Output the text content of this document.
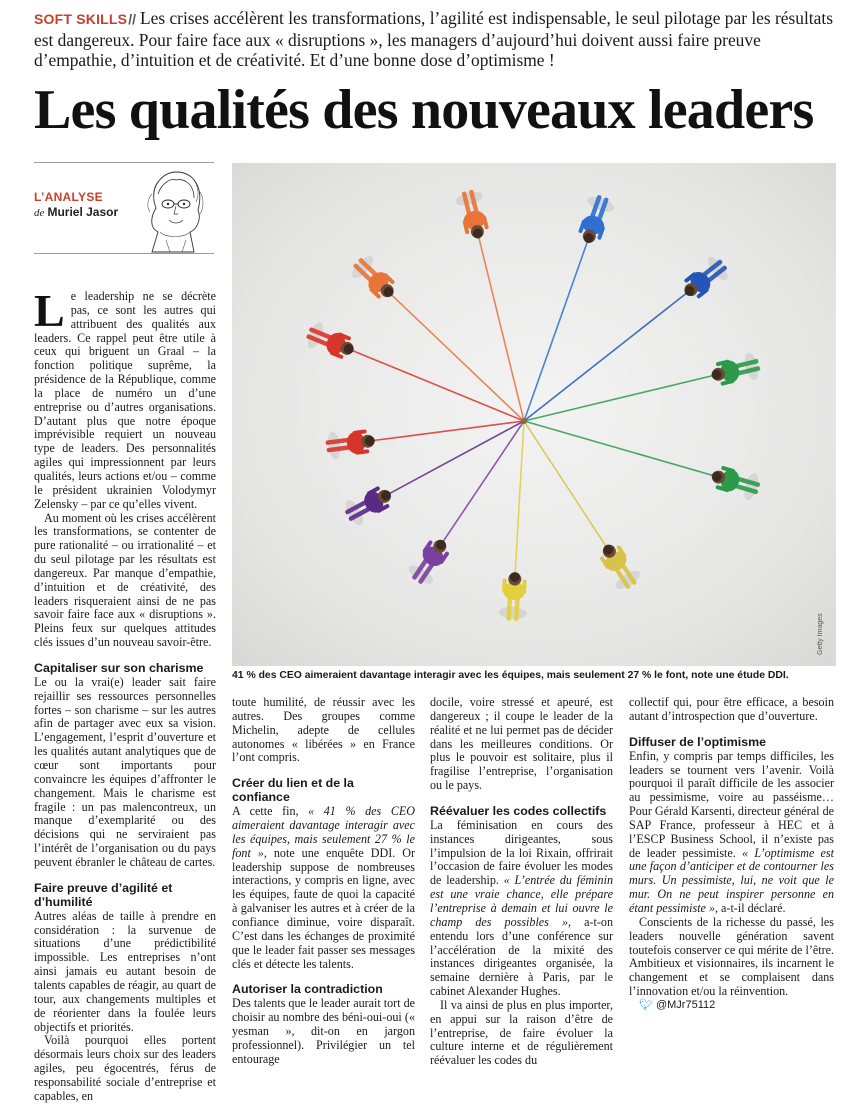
SOFT SKILLS// Les crises accélèrent les transformations, l’agilité est indispensable, le seul pilotage par les résultats est dangereux. Pour faire face aux « disruptions », les managers d’aujourd’hui doivent aussi faire preuve d’empathie, d’intuition et de créativité. Et d’une bonne dose d’optimisme !
Les qualités des nouveaux leaders
L’ANALYSE
de Muriel Jasor
Getty Images
41 % des CEO aimeraient davantage interagir avec les équipes, mais seulement 27 % le font, note une étude DDI.

Le leadership ne se décrète pas, ce sont les autres qui attribuent des qualités aux leaders. Ce rappel peut être utile à ceux qui briguent un Graal – la fonction politique suprême, la présidence de la République, comme la place de numéro un d’une entreprise ou d’autres organisations. D’autant plus que notre époque imprévisible requiert un nouveau type de leaders. Des personnalités agiles qui impressionnent par leurs qualités, leurs actions et/ou – comme le président ukrainien Volodymyr Zelensky – par ce qu’elles vivent.

Au moment où les crises accélèrent les transformations, se contenter de pure rationalité – ou irrationalité – et du seul pilotage par les résultats est dangereux. Par manque d’empathie, d’intuition et de créativité, des leaders risqueraient ainsi de ne pas savoir faire face aux « disruptions ». Pleins feux sur quelques attitudes clés issues d’un nouveau savoir-être.

Capitaliser sur son charisme

Le ou la vrai(e) leader sait faire rejaillir ses ressources personnelles fortes – son charisme – sur les autres afin de partager avec eux sa vision. L’engagement, l’esprit d’ouverture et les qualités autant analytiques que de cœur sont importants pour convaincre les équipes d’affronter le changement. Mais le charisme est fragile : un pas malencontreux, un manque d’exemplarité ou des décisions qui ne serviraient pas l’intérêt de l’organisation ou du pays peuvent ébranler le château de cartes.

Faire preuve d’agilité et d’humilité

Autres aléas de taille à prendre en considération : la survenue de situations d’une prédictibilité impossible. Les entreprises n’ont ainsi jamais eu autant besoin de talents capables de réagir, au quart de tour, aux changements multiples et de réorienter dans la foulée leurs objectifs et priorités.

Voilà pourquoi elles portent désormais leurs choix sur des leaders agiles, peu égocentrés, férus de responsabilité sociale d’entreprise et capables, en

toute humilité, de réussir avec les autres. Des groupes comme Michelin, adepte de cellules autonomes « libérées » en France l’ont compris.

Créer du lien et de la confiance

A cette fin, « 41 % des CEO aimeraient davantage interagir avec les équipes, mais seulement 27 % le font », note une enquête DDI. Or leadership suppose de nombreuses interactions, y compris en ligne, avec les équipes, faute de quoi la capacité à galvaniser les autres et à créer de la confiance diminue, voire disparaît. C’est dans les échanges de proximité que le leader fait passer ses messages clés et détecte les talents.

Autoriser la contradiction

Des talents que le leader aurait tort de choisir au nombre des béni-oui-oui (« yesman », dit-on en jargon professionnel). Privilégier un tel entourage

docile, voire stressé et apeuré, est dangereux ; il coupe le leader de la réalité et ne lui permet pas de décider dans les meilleures conditions. Or plus le pouvoir est solitaire, plus il fragilise l’entreprise, l’organisation ou le pays.

Réévaluer les codes collectifs

La féminisation en cours des instances dirigeantes, sous l’impulsion de la loi Rixain, offrirait l’occasion de faire évoluer les modes de leadership. « L’entrée du féminin est une vraie chance, elle prépare l’entreprise à demain et lui ouvre le champ des possibles », a-t-on entendu lors d’une conférence sur l’accélération de la mixité des instances dirigeantes organisée, la semaine dernière à Paris, par le cabinet Alexander Hughes.

Il va ainsi de plus en plus importer, en appui sur la raison d’être de l’entreprise, de faire évoluer la culture interne et de régulièrement réévaluer les codes du

collectif qui, pour être efficace, a besoin autant d’introspection que d’ouverture.

Diffuser de l’optimisme

Enfin, y compris par temps difficiles, les leaders se tournent vers l’avenir. Voilà pourquoi il paraît difficile de les associer au pessimisme, voire au passéisme… Pour Gérald Karsenti, directeur général de SAP France, professeur à HEC et à l’ESCP Business School, il n’existe pas de leader pessimiste. « L’optimisme est une façon d’anticiper et de contourner les murs. Un pessimiste, lui, ne voit que le mur. On ne peut inspirer personne en étant pessimiste », a-t-il déclaré.

Conscients de la richesse du passé, les leaders nouvelle génération savent toutefois conserver ce qui mérite de l’être. Ambitieux et visionnaires, ils incarnent le changement et se complaisent dans l’innovation et/ou la réinvention.

🐦︎ @MJr75112
